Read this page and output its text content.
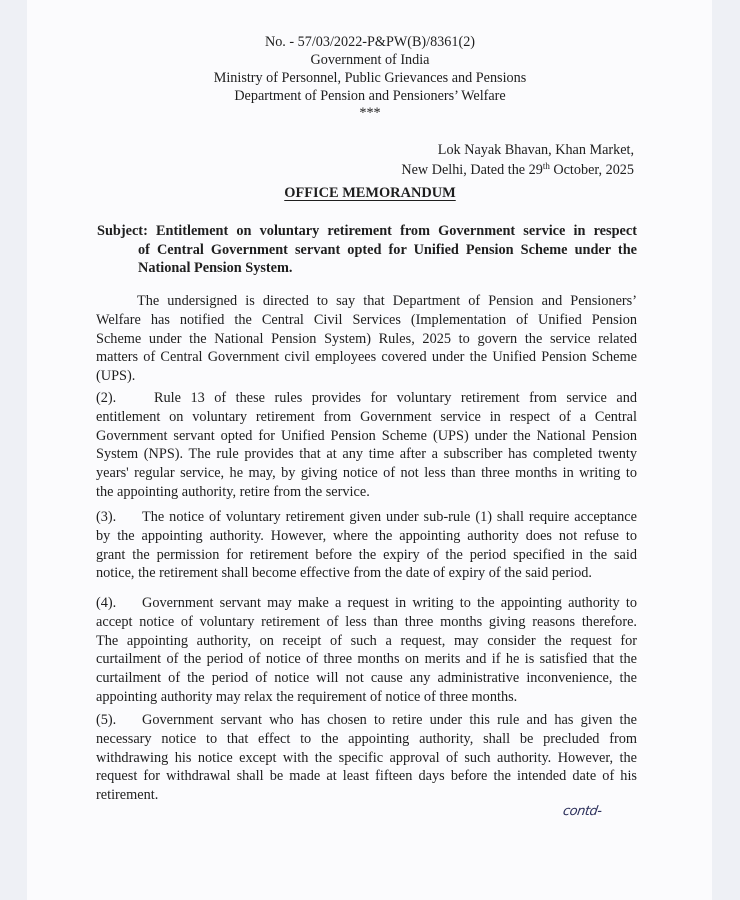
No. - 57/03/2022-P&PW(B)/8361(2)
Government of India
Ministry of Personnel, Public Grievances and Pensions
Department of Pension and Pensioners’ Welfare
***
Lok Nayak Bhavan, Khan Market,
New Delhi, Dated the 29th October, 2025
OFFICE MEMORANDUM
Subject: Entitlement on voluntary retirement from Government service in respect
of Central Government servant opted for Unified Pension Scheme under the
National Pension System.
The undersigned is directed to say that Department of Pension and Pensioners’
Welfare has notified the Central Civil Services (Implementation of Unified Pension
Scheme under the National Pension System) Rules, 2025 to govern the service related
matters of Central Government civil employees covered under the Unified Pension Scheme
(UPS).
(2).	Rule 13 of these rules provides for voluntary retirement from service and
entitlement on voluntary retirement from Government service in respect of a Central
Government servant opted for Unified Pension Scheme (UPS) under the National Pension
System (NPS). The rule provides that at any time after a subscriber has completed twenty
years' regular service, he may, by giving notice of not less than three months in writing to
the appointing authority, retire from the service.
(3). The notice of voluntary retirement given under sub-rule (1) shall require acceptance
by the appointing authority. However, where the appointing authority does not refuse to
grant the permission for retirement before the expiry of the period specified in the said
notice, the retirement shall become effective from the date of expiry of the said period.
(4). Government servant may make a request in writing to the appointing authority to
accept notice of voluntary retirement of less than three months giving reasons therefore.
The appointing authority, on receipt of such a request, may consider the request for
curtailment of the period of notice of three months on merits and if he is satisfied that the
curtailment of the period of notice will not cause any administrative inconvenience, the
appointing authority may relax the requirement of notice of three months.
(5). Government servant who has chosen to retire under this rule and has given the
necessary notice to that effect to the appointing authority, shall be precluded from
withdrawing his notice except with the specific approval of such authority. However, the
request for withdrawal shall be made at least fifteen days before the intended date of his
retirement.
contd-
